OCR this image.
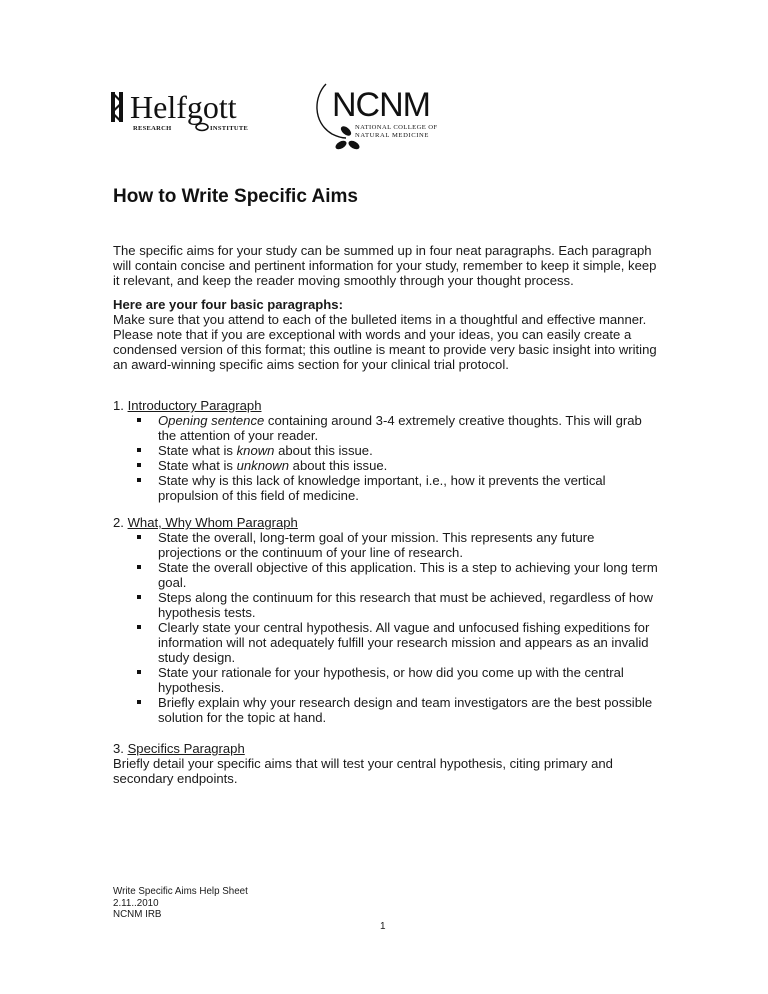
Helfgott
RESEARCH	INSTITUTE
NCNM
NATIONAL COLLEGE OF
NATURAL MEDICINE
How to Write Specific Aims

The specific aims for your study can be summed up in four neat paragraphs. Each paragraph will contain concise and pertinent information for your study, remember to keep it simple, keep it relevant, and keep the reader moving smoothly through your thought process.

Here are your four basic paragraphs:
Make sure that you attend to each of the bulleted items in a thoughtful and effective manner. Please note that if you are exceptional with words and your ideas, you can easily create a condensed version of this format; this outline is meant to provide very basic insight into writing an award-winning specific aims section for your clinical trial protocol.
1. Introductory Paragraph
Opening sentence containing around 3-4 extremely creative thoughts. This will grab the attention of your reader.
State what is known about this issue.
State what is unknown about this issue.
State why is this lack of knowledge important, i.e., how it prevents the vertical propulsion of this field of medicine.
2. What, Why Whom Paragraph
State the overall, long-term goal of your mission. This represents any future projections or the continuum of your line of research.
State the overall objective of this application. This is a step to achieving your long term goal.
Steps along the continuum for this research that must be achieved, regardless of how hypothesis tests.
Clearly state your central hypothesis. All vague and unfocused fishing expeditions for information will not adequately fulfill your research mission and appears as an invalid study design.
State your rationale for your hypothesis, or how did you come up with the central hypothesis.
Briefly explain why your research design and team investigators are the best possible solution for the topic at hand.
3. Specifics Paragraph
Briefly detail your specific aims that will test your central hypothesis, citing primary and secondary endpoints.
Write Specific Aims Help Sheet
2.11..2010
NCNM IRB
1
